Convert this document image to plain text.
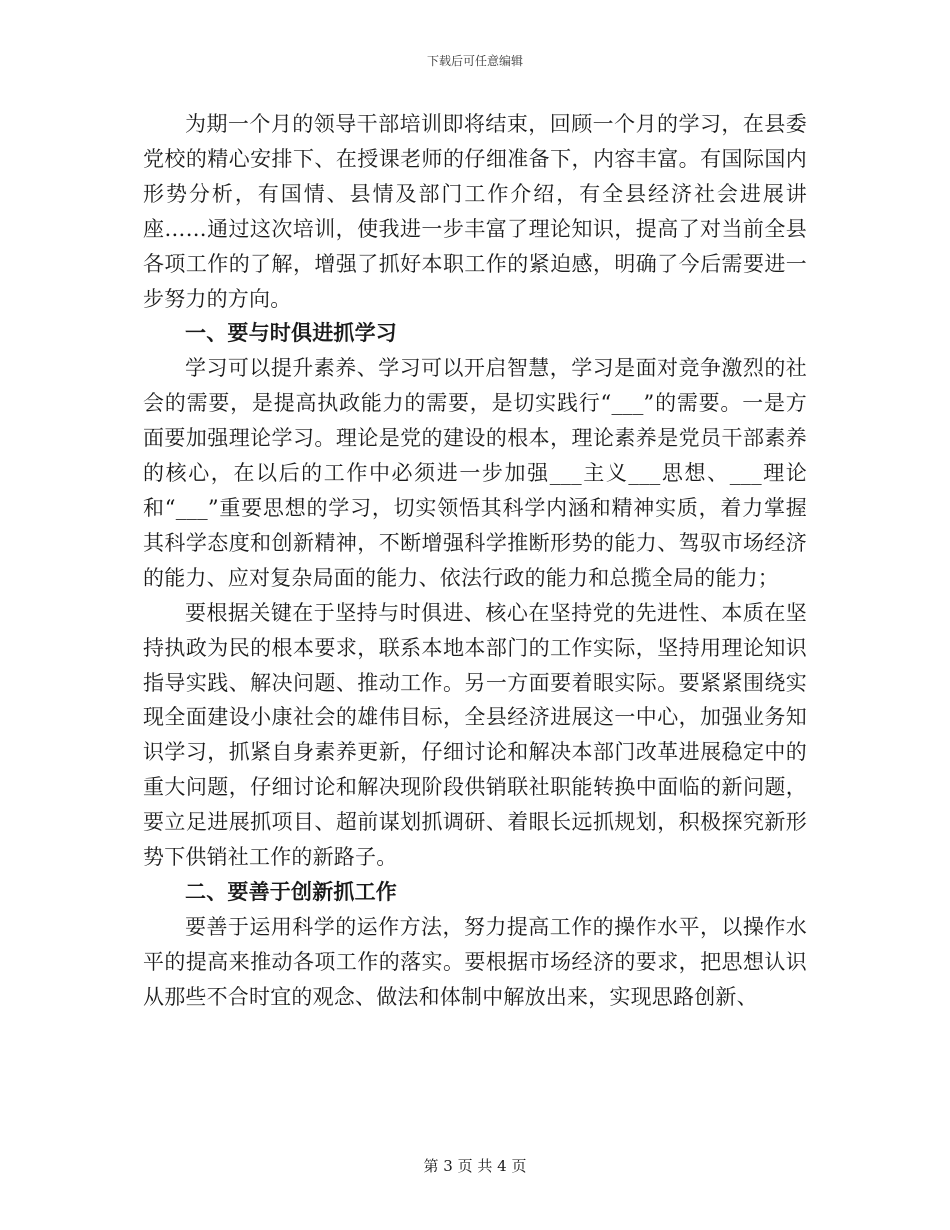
下载后可任意编辑

为期一个月的领导干部培训即将结束，回顾一个月的学习，在县委党校的精心安排下、在授课老师的仔细准备下，内容丰富。有国际国内形势分析，有国情、县情及部门工作介绍，有全县经济社会进展讲座……通过这次培训，使我进一步丰富了理论知识，提高了对当前全县各项工作的了解，增强了抓好本职工作的紧迫感，明确了今后需要进一步努力的方向。

一、要与时俱进抓学习

学习可以提升素养、学习可以开启智慧，学习是面对竞争激烈的社会的需要，是提高执政能力的需要，是切实践行“___”的需要。一是方面要加强理论学习。理论是党的建设的根本，理论素养是党员干部素养的核心，在以后的工作中必须进一步加强___主义___思想、___理论和“___”重要思想的学习，切实领悟其科学内涵和精神实质，着力掌握其科学态度和创新精神，不断增强科学推断形势的能力、驾驭市场经济的能力、应对复杂局面的能力、依法行政的能力和总揽全局的能力；

要根据关键在于坚持与时俱进、核心在坚持党的先进性、本质在坚持执政为民的根本要求，联系本地本部门的工作实际，坚持用理论知识指导实践、解决问题、推动工作。另一方面要着眼实际。要紧紧围绕实现全面建设小康社会的雄伟目标，全县经济进展这一中心，加强业务知识学习，抓紧自身素养更新，仔细讨论和解决本部门改革进展稳定中的重大问题，仔细讨论和解决现阶段供销联社职能转换中面临的新问题，要立足进展抓项目、超前谋划抓调研、着眼长远抓规划，积极探究新形势下供销社工作的新路子。

二、要善于创新抓工作

要善于运用科学的运作方法，努力提高工作的操作水平，以操作水平的提高来推动各项工作的落实。要根据市场经济的要求，把思想认识从那些不合时宜的观念、做法和体制中解放出来，实现思路创新、

第 3 页 共 4 页
